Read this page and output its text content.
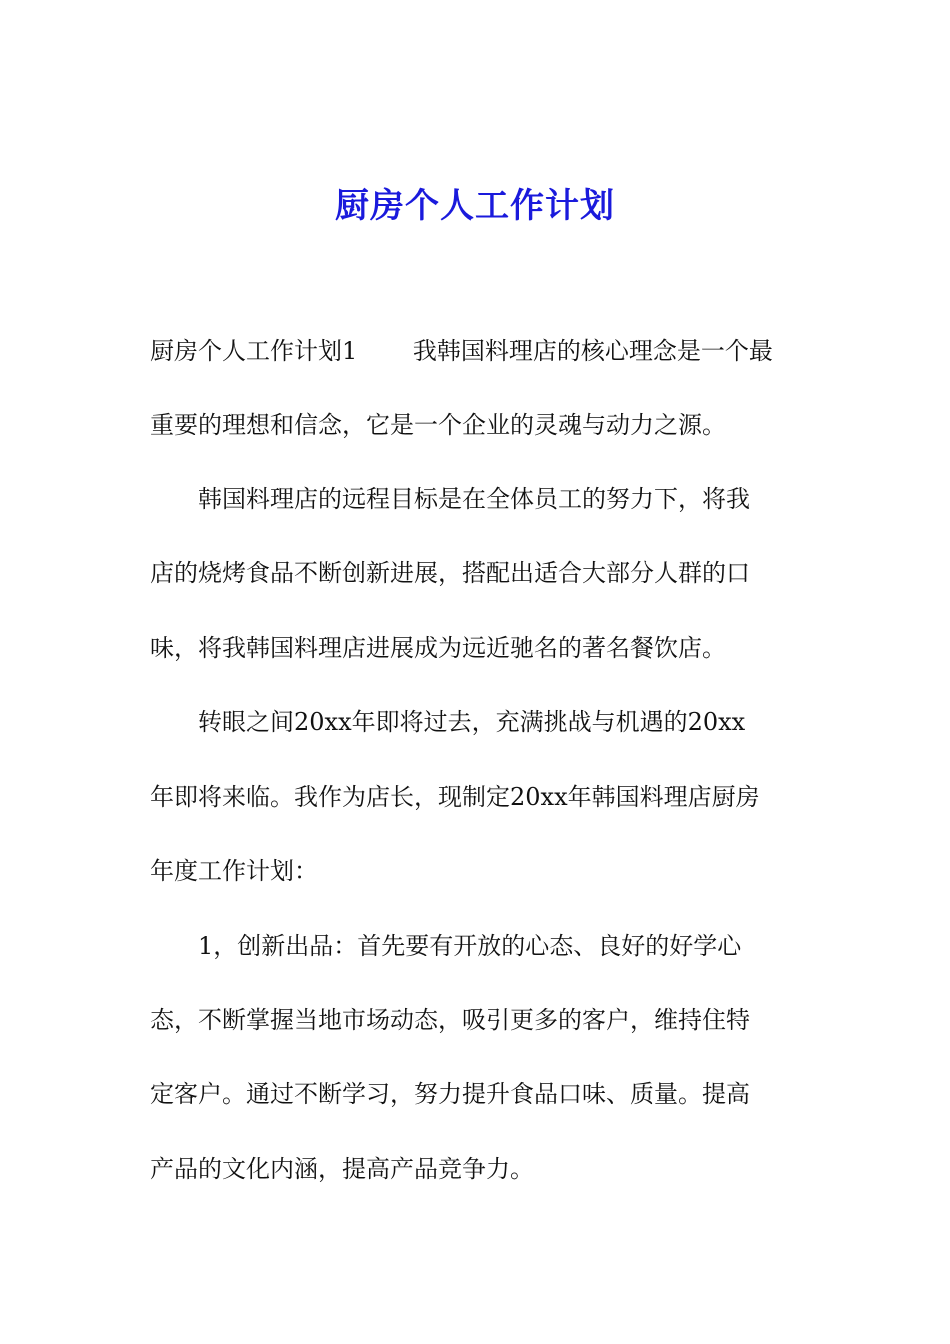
厨房个人工作计划

厨房个人工作计划1　　 我韩国料理店的核心理念是一个最

重要的理想和信念，它是一个企业的灵魂与动力之源。

　　韩国料理店的远程目标是在全体员工的努力下，将我

店的烧烤食品不断创新进展，搭配出适合大部分人群的口

味，将我韩国料理店进展成为远近驰名的著名餐饮店。

　　转眼之间20xx年即将过去，充满挑战与机遇的20xx

年即将来临。我作为店长，现制定20xx年韩国料理店厨房

年度工作计划：

　　1，创新出品：首先要有开放的心态、良好的好学心

态，不断掌握当地市场动态，吸引更多的客户，维持住特

定客户。通过不断学习，努力提升食品口味、质量。提高

产品的文化内涵，提高产品竞争力。
